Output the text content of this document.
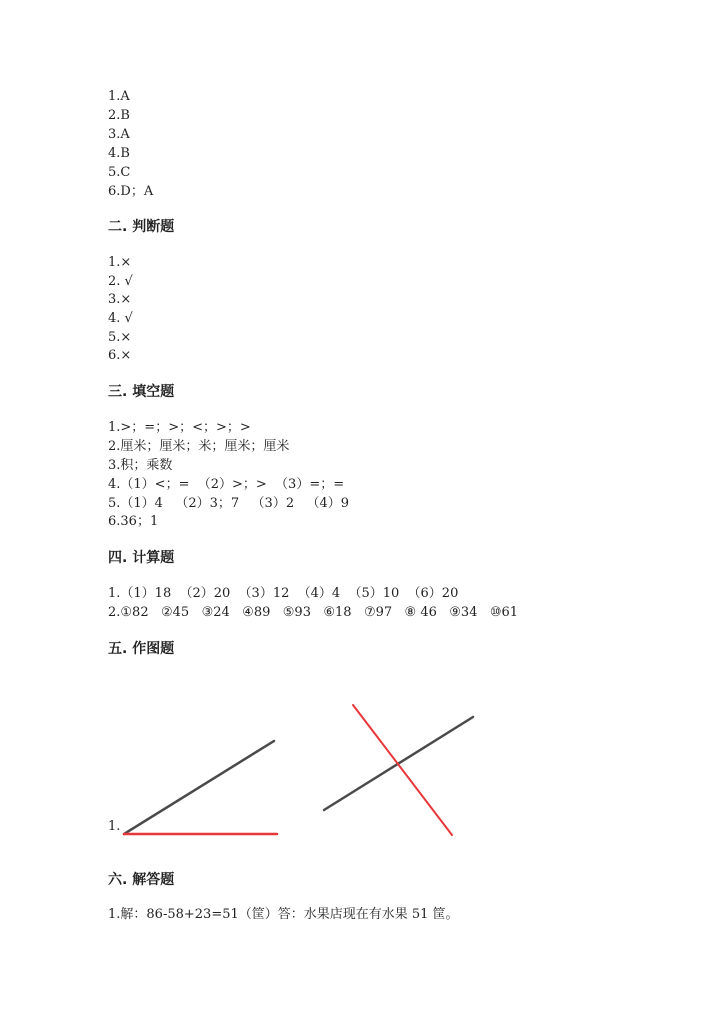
1.A
2.B
3.A
4.B
5.C
6.D；A
二. 判断题
1.×
2. √
3.×
4. √
5.×
6.×
三. 填空题
1.>；=；>；<；>；>
2.厘米；厘米；米；厘米；厘米
3.积；乘数
4.（1）<；=  （2）>；>  （3）=；=
5.（1）4   （2）3；7   （3）2   （4）9
6.36；1
四. 计算题
1.（1）18  （2）20  （3）12  （4）4  （5）10  （6）20
2.①82   ②45   ③24   ④89   ⑤93   ⑥18   ⑦97   ⑧ 46   ⑨34   ⑩61
五. 作图题
1.
六. 解答题
1.解：86-58+23=51（筐）答：水果店现在有水果 51 筐。
